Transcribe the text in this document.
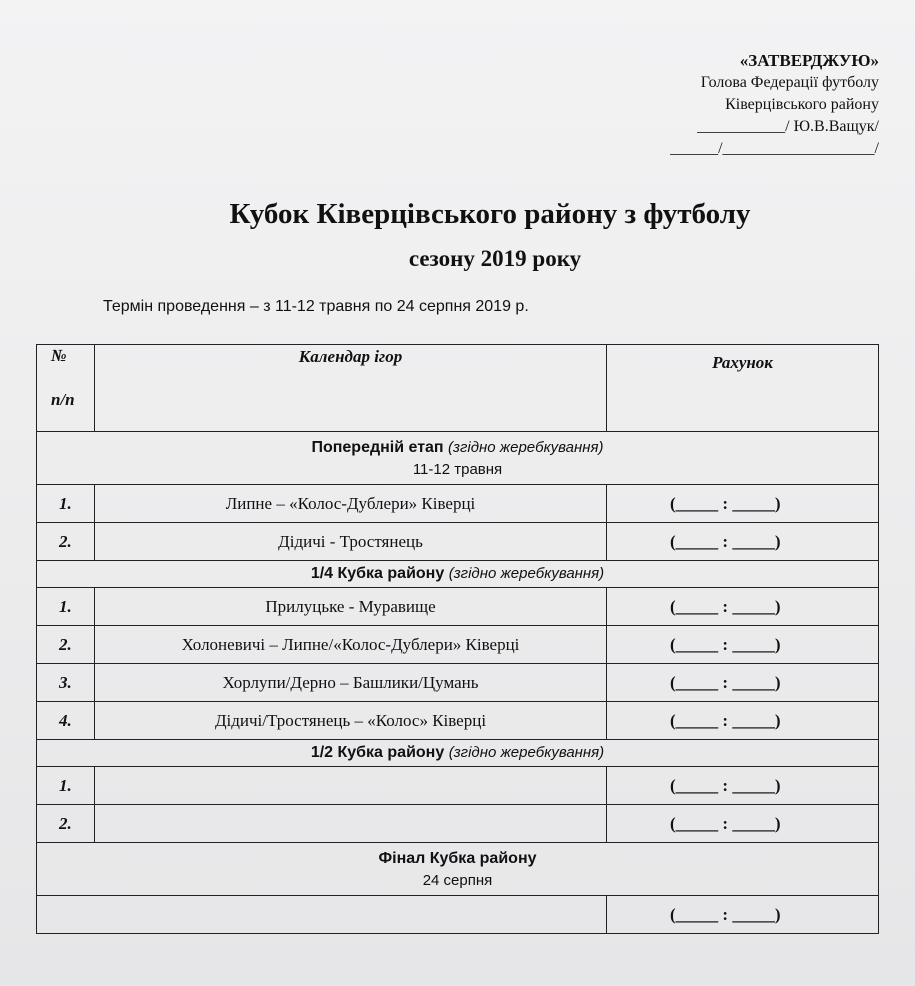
«ЗАТВЕРДЖУЮ»
Голова Федерації футболу
Ківерцівського району
___________/ Ю.В.Ващук/
______/___________________/
Кубок Ківерцівського району з футболу
сезону 2019 року
Термін проведення – з 11-12 травня по 24 серпня 2019 р.
№
п/п	Календар ігор	Рахунок
Попередній етап (згідно жеребкування)
11-12 травня		

1.	Липне – «Колос-Дублери» Ківерці	(_____ : _____)

2.	Дідичі - Тростянець	(_____ : _____)

1/4 Кубка району (згідно жеребкування)		
1.	Прилуцьке - Муравище	(_____ : _____)

2.	Холоневичі – Липне/«Колос-Дублери» Ківерці	(_____ : _____)

3.	Хорлупи/Дерно – Башлики/Цумань	(_____ : _____)

4.	Дідичі/Тростянець – «Колос» Ківерці	(_____ : _____)

1/2 Кубка району (згідно жеребкування)		
1.		(_____ : _____)

2.		(_____ : _____)

Фінал Кубка району
24 серпня		

		(_____ : _____)
